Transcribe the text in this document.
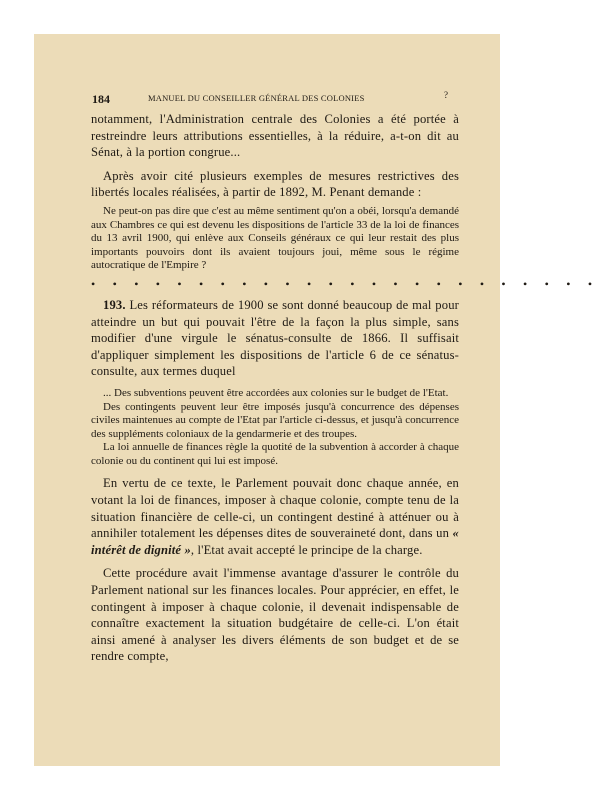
184	MANUEL DU CONSEILLER GÉNÉRAL DES COLONIES	?

notamment, l'Administration centrale des Colonies a été portée à restreindre leurs attributions essentielles, à la réduire, a-t-on dit au Sénat, à la portion congrue...

Après avoir cité plusieurs exemples de mesures restrictives des libertés locales réalisées, à partir de 1892, M. Penant demande :

Ne peut-on pas dire que c'est au même sentiment qu'on a obéi, lorsqu'a demandé aux Chambres ce qui est devenu les dispositions de l'article 33 de la loi de finances du 13 avril 1900, qui enlève aux Conseils généraux ce qui leur restait des plus importants pouvoirs dont ils avaient toujours joui, même sous le régime autocratique de l'Empire ?

• • • • • • • • • • • • • • • • • • • • • • • •

193. Les réformateurs de 1900 se sont donné beaucoup de mal pour atteindre un but qui pouvait l'être de la façon la plus simple, sans modifier d'une virgule le sénatus-consulte de 1866. Il suffisait d'appliquer simplement les dispositions de l'article 6 de ce sénatus-consulte, aux termes duquel

... Des subventions peuvent être accordées aux colonies sur le budget de l'Etat.

Des contingents peuvent leur être imposés jusqu'à concurrence des dépenses civiles maintenues au compte de l'Etat par l'article ci-dessus, et jusqu'à concurrence des suppléments coloniaux de la gendarmerie et des troupes.

La loi annuelle de finances règle la quotité de la subvention à accorder à chaque colonie ou du continent qui lui est imposé.

En vertu de ce texte, le Parlement pouvait donc chaque année, en votant la loi de finances, imposer à chaque colonie, compte tenu de la situation financière de celle-ci, un contingent destiné à atténuer ou à annihiler totalement les dépenses dites de souveraineté dont, dans un « intérêt de dignité », l'Etat avait accepté le principe de la charge.

Cette procédure avait l'immense avantage d'assurer le contrôle du Parlement national sur les finances locales. Pour apprécier, en effet, le contingent à imposer à chaque colonie, il devenait indispensable de connaître exactement la situation budgétaire de celle-ci. L'on était ainsi amené à analyser les divers éléments de son budget et de se rendre compte,
